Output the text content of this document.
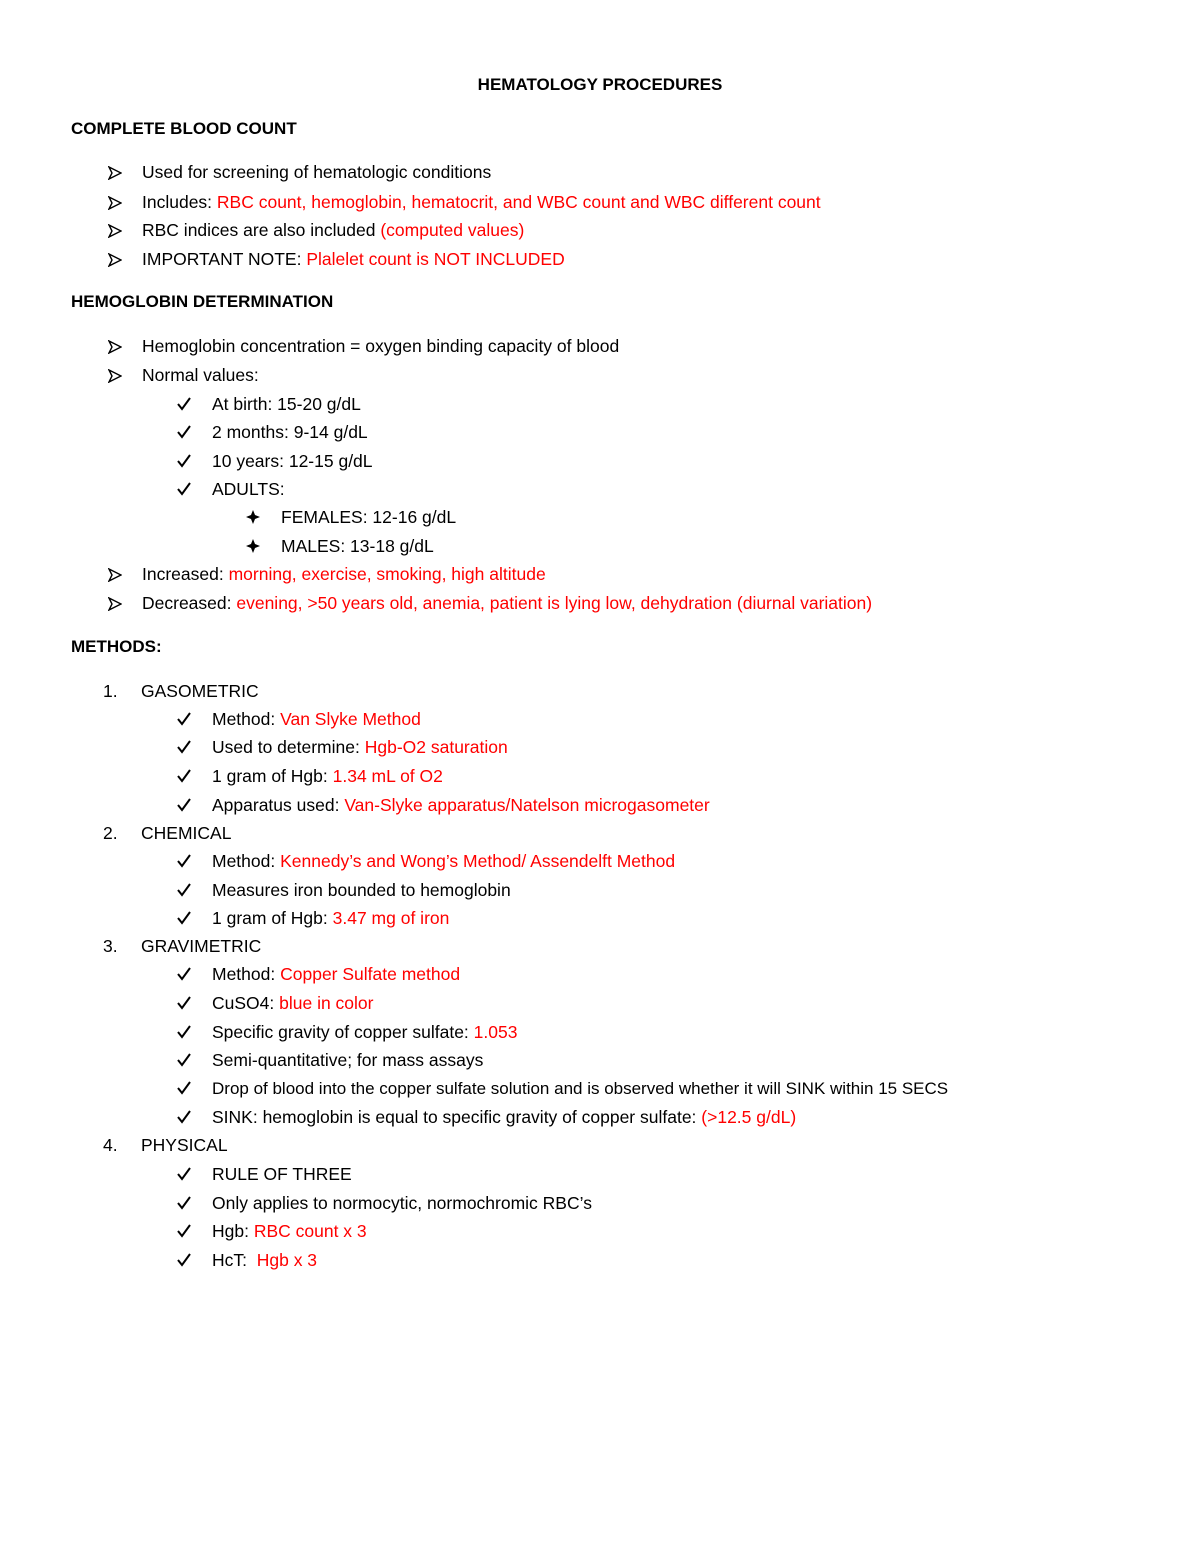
HEMATOLOGY PROCEDURES
COMPLETE BLOOD COUNT
Used for screening of hematologic conditions
Includes: RBC count, hemoglobin, hematocrit, and WBC count and WBC different count
RBC indices are also included (computed values)
IMPORTANT NOTE: Plalelet count is NOT INCLUDED
HEMOGLOBIN DETERMINATION
Hemoglobin concentration = oxygen binding capacity of blood
Normal values:
At birth: 15-20 g/dL
2 months: 9-14 g/dL
10 years: 12-15 g/dL
ADULTS:
FEMALES: 12-16 g/dL
MALES: 13-18 g/dL
Increased: morning, exercise, smoking, high altitude
Decreased: evening, >50 years old, anemia, patient is lying low, dehydration (diurnal variation)
METHODS:
1. GASOMETRIC
Method: Van Slyke Method
Used to determine: Hgb-O2 saturation
1 gram of Hgb: 1.34 mL of O2
Apparatus used: Van-Slyke apparatus/Natelson microgasometer
2. CHEMICAL
Method: Kennedy’s and Wong’s Method/ Assendelft Method
Measures iron bounded to hemoglobin
1 gram of Hgb: 3.47 mg of iron
3. GRAVIMETRIC
Method: Copper Sulfate method
CuSO4: blue in color
Specific gravity of copper sulfate: 1.053
Semi-quantitative; for mass assays
Drop of blood into the copper sulfate solution and is observed whether it will SINK within 15 SECS
SINK: hemoglobin is equal to specific gravity of copper sulfate: (>12.5 g/dL)
4. PHYSICAL
RULE OF THREE
Only applies to normocytic, normochromic RBC’s
Hgb: RBC count x 3
HcT:  Hgb x 3
